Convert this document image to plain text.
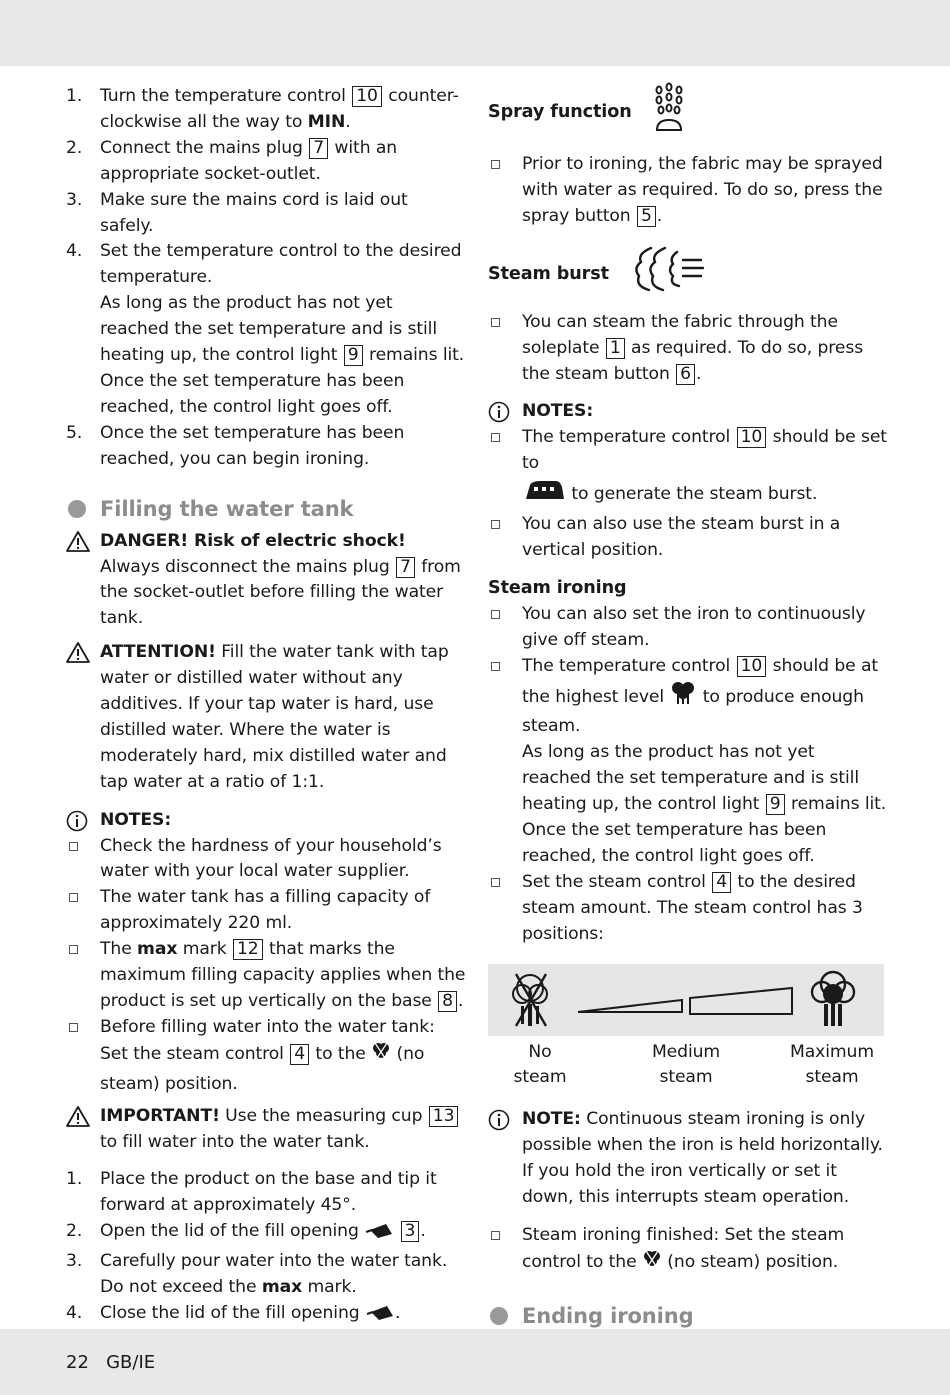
1. Turn the temperature control 10 counter-clockwise all the way to MIN.
2. Connect the mains plug 7 with an appropriate socket-outlet.
3. Make sure the mains cord is laid out safely.
4. Set the temperature control to the desired temperature.
As long as the product has not yet reached the set temperature and is still heating up, the control light 9 remains lit. Once the set temperature has been reached, the control light goes off.
5. Once the set temperature has been reached, you can begin ironing.
Filling the water tank
DANGER! Risk of electric shock!
Always disconnect the mains plug 7 from the socket-outlet before filling the water tank.
ATTENTION! Fill the water tank with tap water or distilled water without any additives. If your tap water is hard, use distilled water. Where the water is moderately hard, mix distilled water and tap water at a ratio of 1:1.
NOTES:
Check the hardness of your household’s water with your local water supplier.
The water tank has a filling capacity of approximately 220 ml.
The max mark 12 that marks the maximum filling capacity applies when the product is set up vertically on the base 8 .
Before filling water into the water tank: Set the steam control 4 to the  (no steam) position.
IMPORTANT! Use the measuring cup 13 to fill water into the water tank.
1. Place the product on the base and tip it forward at approximately 45°.
2. Open the lid of the fill opening  3 .
3. Carefully pour water into the water tank. Do not exceed the max mark.
4. Close the lid of the fill opening .
Spray function
Prior to ironing, the fabric may be sprayed with water as required. To do so, press the spray button 5 .
Steam burst
You can steam the fabric through the soleplate 1 as required. To do so, press the steam button 6 .
NOTES:
The temperature control 10 should be set to
to generate the steam burst.
You can also use the steam burst in a vertical position.
Steam ironing
You can also set the iron to continuously give off steam.
The temperature control 10 should be at the highest level  to produce enough steam.
As long as the product has not yet reached the set temperature and is still heating up, the control light 9 remains lit.
Once the set temperature has been reached, the control light goes off.
Set the steam control 4 to the desired steam amount. The steam control has 3 positions:
No
steam
Medium
steam
Maximum
steam
NOTE: Continuous steam ironing is only possible when the iron is held horizontally. If you hold the iron vertically or set it down, this interrupts steam operation.
Steam ironing finished: Set the steam control to the  (no steam) position.
Ending ironing
22 GB/IE
